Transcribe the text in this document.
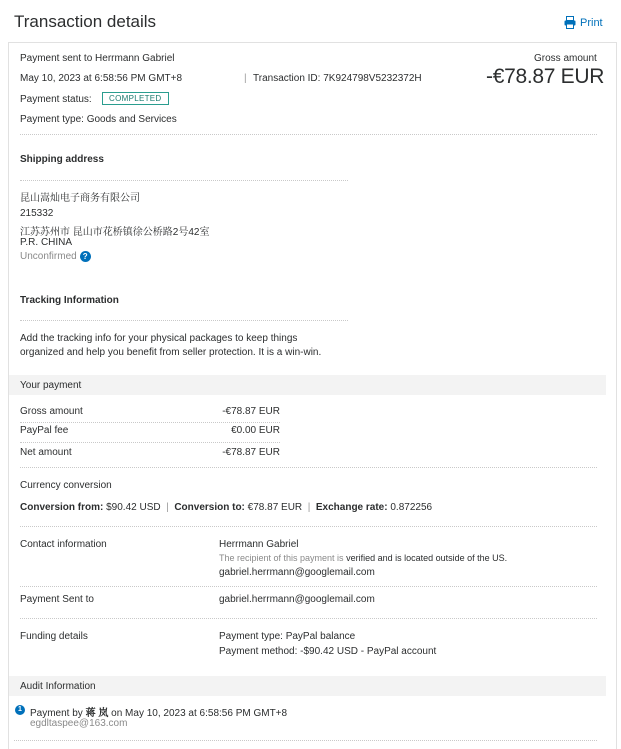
Transaction details	Print
Payment sent to Herrmann Gabriel
May 10, 2023 at 6:58:56 PM GMT+8	| Transaction ID: 7K924798V5232372H
Payment status:	COMPLETED
Payment type: Goods and Services
Gross amount
-€78.87 EUR
Shipping address
昆山嵩灿电子商务有限公司
215332
江苏苏州市 昆山市花桥镇徐公桥路2号42室
P.R. CHINA
Unconfirmed ?
Tracking Information
Add the tracking info for your physical packages to keep things
organized and help you benefit from seller protection. It is a win-win.
Your payment
Gross amount	-€78.87 EUR
PayPal fee	€0.00 EUR
Net amount	-€78.87 EUR
Currency conversion
Conversion from: $90.42 USD  |  Conversion to: €78.87 EUR  |  Exchange rate: 0.872256
Contact information	Herrmann Gabriel
The recipient of this payment is verified and is located outside of the US.
gabriel.herrmann@googlemail.com
Payment Sent to	gabriel.herrmann@googlemail.com
Funding details	Payment type: PayPal balance
Payment method: -$90.42 USD - PayPal account
Audit Information
1 Payment by 蒋 岚 on May 10, 2023 at 6:58:56 PM GMT+8
egdltaspee@163.com
